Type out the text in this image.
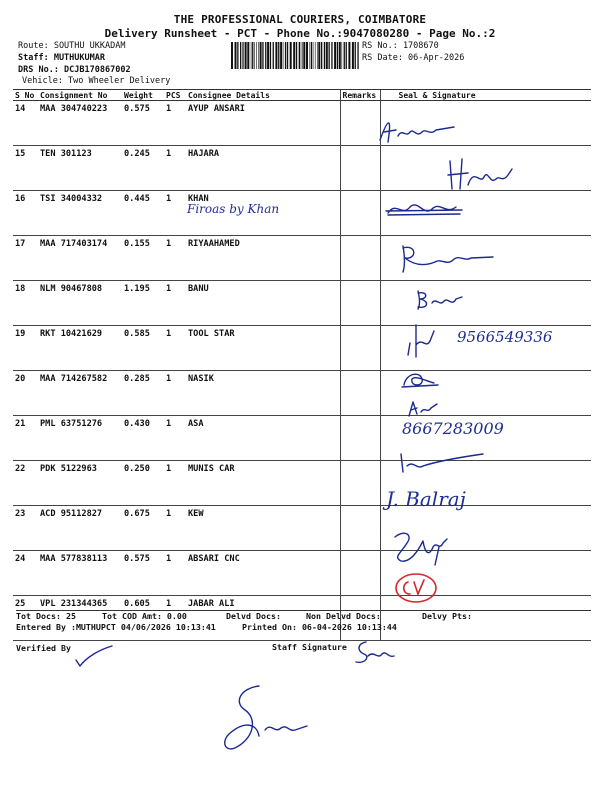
THE PROFESSIONAL COURIERS, COIMBATORE
Delivery Runsheet - PCT - Phone No.:9047080280 - Page No.:2
Route: SOUTHU UKKADAM
Staff: MUTHUKUMAR
DRS No.: DCJB170867002
Vehicle: Two Wheeler Delivery
RS No.: 1708670
RS Date: 06-Apr-2026
S No	Consignment No	Weight	PCS	Consignee Details	Remarks	Seal & Signature
14	MAA 304740223	0.575	1	AYUP ANSARI		
15	TEN 301123	0.245	1	HAJARA		
16	TSI 34004332	0.445	1	KHAN		
17	MAA 717403174	0.155	1	RIYAAHAMED		
18	NLM 90467808	1.195	1	BANU		
19	RKT 10421629	0.585	1	TOOL STAR		
20	MAA 714267582	0.285	1	NASIK		
21	PML 63751276	0.430	1	ASA		
22	PDK 5122963	0.250	1	MUNIS CAR		
23	ACD 95112827	0.675	1	KEW		
24	MAA 577838113	0.575	1	ABSARI CNC		
25	VPL 231344365	0.605	1	JABAR ALI		
Firoas by Khan
9566549336
8667283009
J. Balraj
Tot Docs: 25	Tot COD Amt: 0.00	Delvd Docs:	Non Delvd Docs:	Delvy Pts:
Entered By :MUTHUPCT 04/06/2026 10:13:41	Printed On: 06-04-2026 10:13:44
Verified By	Staff Signature
